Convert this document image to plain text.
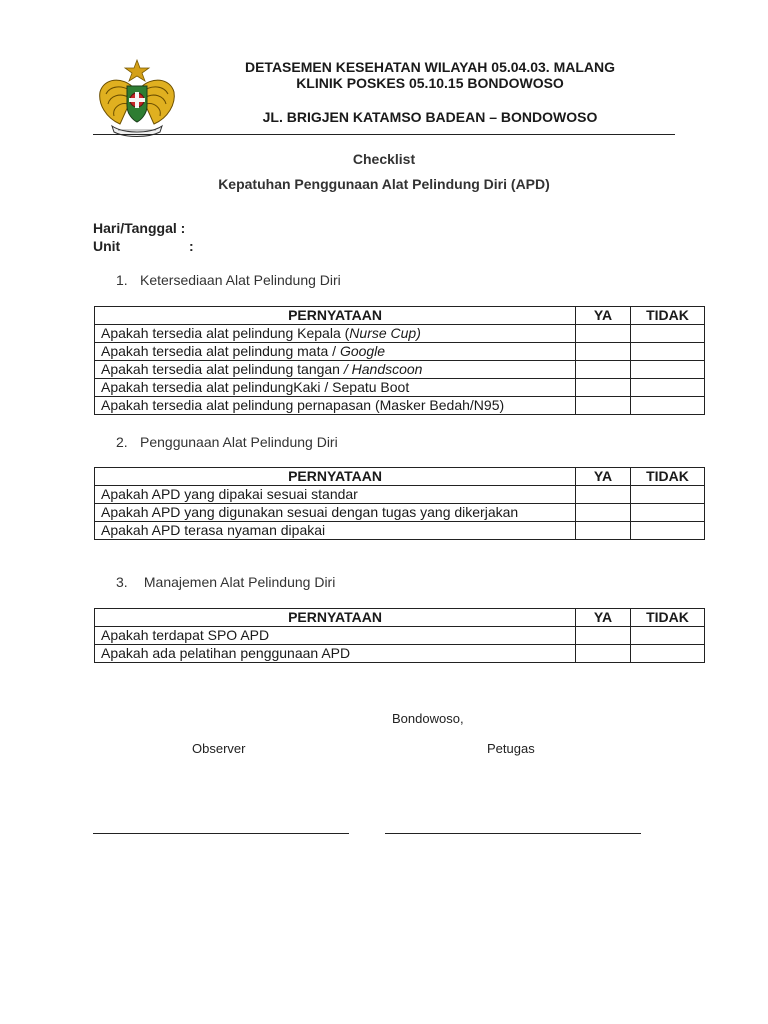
DETASEMEN KESEHATAN WILAYAH 05.04.03. MALANG
KLINIK POSKES 05.10.15 BONDOWOSO
JL. BRIGJEN KATAMSO BADEAN – BONDOWOSO
Checklist
Kepatuhan Penggunaan Alat Pelindung Diri (APD)
Hari/Tanggal :
Unit	:
1. Ketersediaan Alat Pelindung Diri
PERNYATAAN	YA	TIDAK
Apakah tersedia alat pelindung Kepala (Nurse Cup)		
Apakah tersedia alat pelindung mata / Google		
Apakah tersedia alat pelindung tangan / Handscoon		
Apakah tersedia alat pelindungKaki / Sepatu Boot		
Apakah tersedia alat pelindung pernapasan (Masker Bedah/N95)		
2. Penggunaan Alat Pelindung Diri
PERNYATAAN	YA	TIDAK
Apakah APD yang dipakai sesuai standar		
Apakah APD yang digunakan sesuai dengan tugas yang dikerjakan		
Apakah APD terasa nyaman dipakai		
3. Manajemen Alat Pelindung Diri
PERNYATAAN	YA	TIDAK
Apakah terdapat SPO APD		
Apakah ada pelatihan penggunaan APD		
Bondowoso,
Observer	Petugas
